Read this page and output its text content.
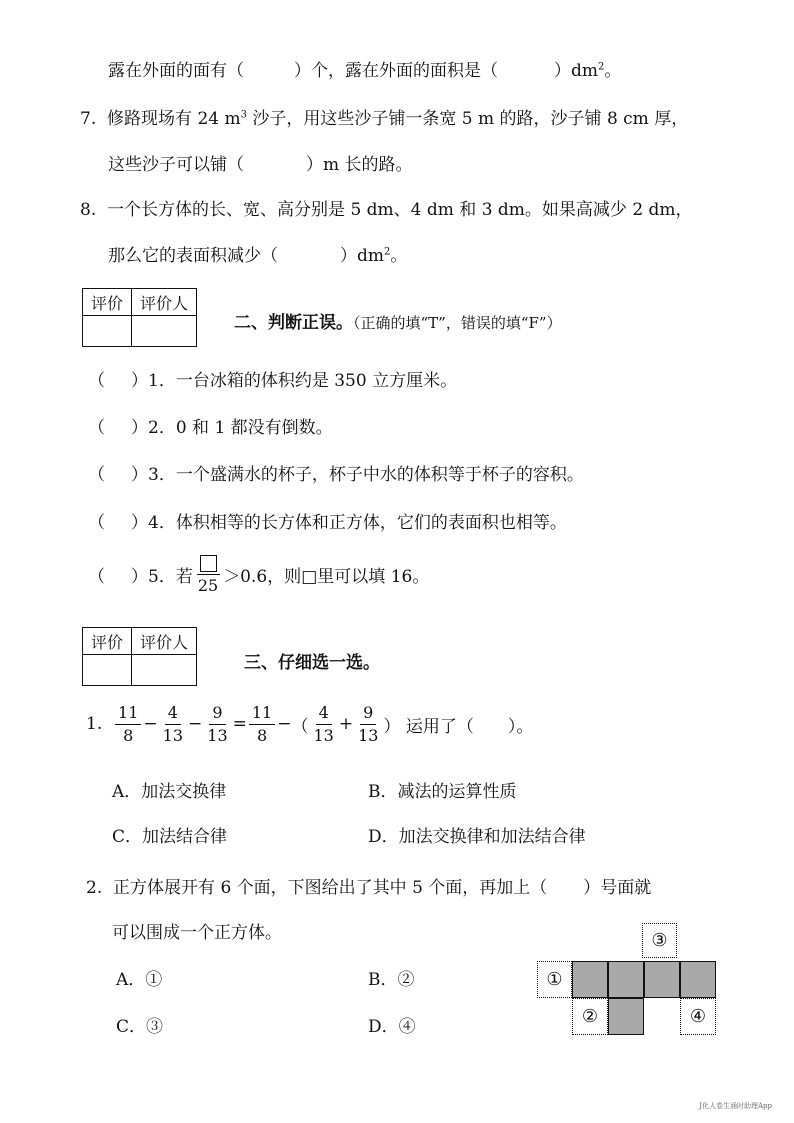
露在外面的面有（	）个，露在外面的面积是（	）$dm^2$。
7. 修路现场有 24 $m^3$ 沙子，用这些沙子铺一条宽 5 m 的路，沙子铺 8 cm 厚，
这些沙子可以铺（	）m 长的路。
8. 一个长方体的长、宽、高分别是 5 dm、4 dm 和 3 dm。如果高减少 2 dm，
那么它的表面积减少（	）$dm^2$。
评价	评价人

二、判断正误。（正确的填“T”，错误的填“F”）
（ ）1．一台冰箱的体积约是 350 立方厘米。
（ ）2．0 和 1 都没有倒数。
（ ）3．一个盛满水的杯子，杯子中水的体积等于杯子的容积。
（ ）4．体积相等的长方体和正方体，它们的表面积也相等。
（ ）5．若 25 ＞0.6，则□里可以填 16。
评价	评价人

三、仔细选一选。
1.
$\frac{11}{8} - \frac{4}{13} - \frac{9}{13} = \frac{11}{8}$ − （ $\frac{4}{13} + \frac{9}{13}$ ）
运用了（ ）。
A．加法交换律	B．减法的运算性质
C．加法结合律	D．加法交换律和加法结合律
2. 正方体展开有 6 个面，下图给出了其中 5 个面，再加上（ ）号面就
可以围成一个正方体。
A．①	B．②
C．③	D．④
③
①
②	④
J化人卷生涌时助理App
